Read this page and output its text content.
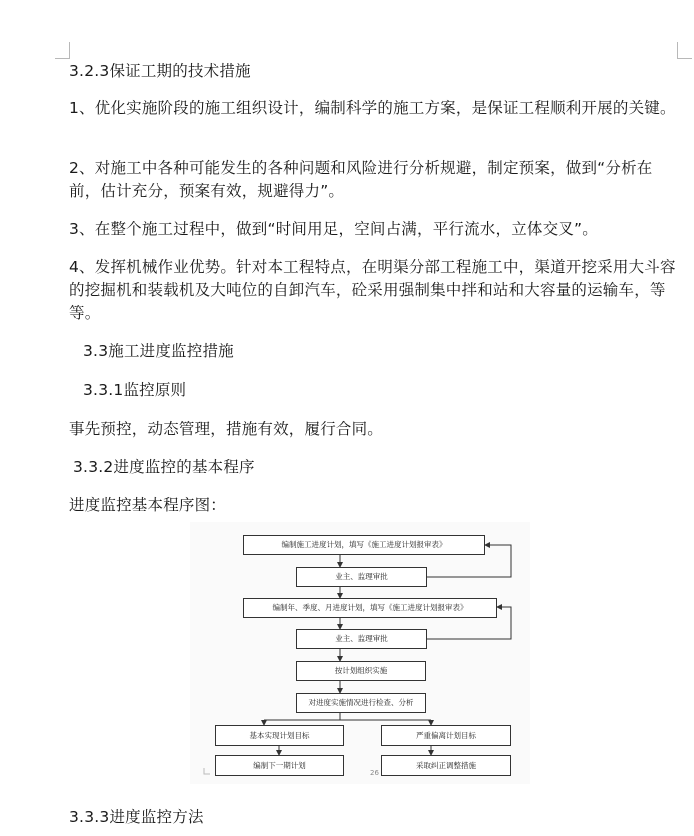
3.2.3保证工期的技术措施

1、优化实施阶段的施工组织设计，编制科学的施工方案，是保证工程顺利开展的关键。

2、对施工中各种可能发生的各种问题和风险进行分析规避，制定预案，做到“分析在前，估计充分，预案有效，规避得力”。

3、在整个施工过程中，做到“时间用足，空间占满，平行流水，立体交叉”。

4、发挥机械作业优势。针对本工程特点，在明渠分部工程施工中，渠道开挖采用大斗容的挖掘机和装载机及大吨位的自卸汽车，砼采用强制集中拌和站和大容量的运输车，等等。

3.3施工进度监控措施

3.3.1监控原则

事先预控，动态管理，措施有效，履行合同。

3.3.2进度监控的基本程序

进度监控基本程序图：

编制施工进度计划，填写《施工进度计划报审表》
业主、监理审批
编制年、季度、月进度计划，填写《施工进度计划报审表》
业主、监理审批
按计划组织实施
对进度实施情况进行检查、分析
基本实现计划目标	严重偏离计划目标
编制下一期计划	采取纠正调整措施
26

3.3.3进度监控方法
